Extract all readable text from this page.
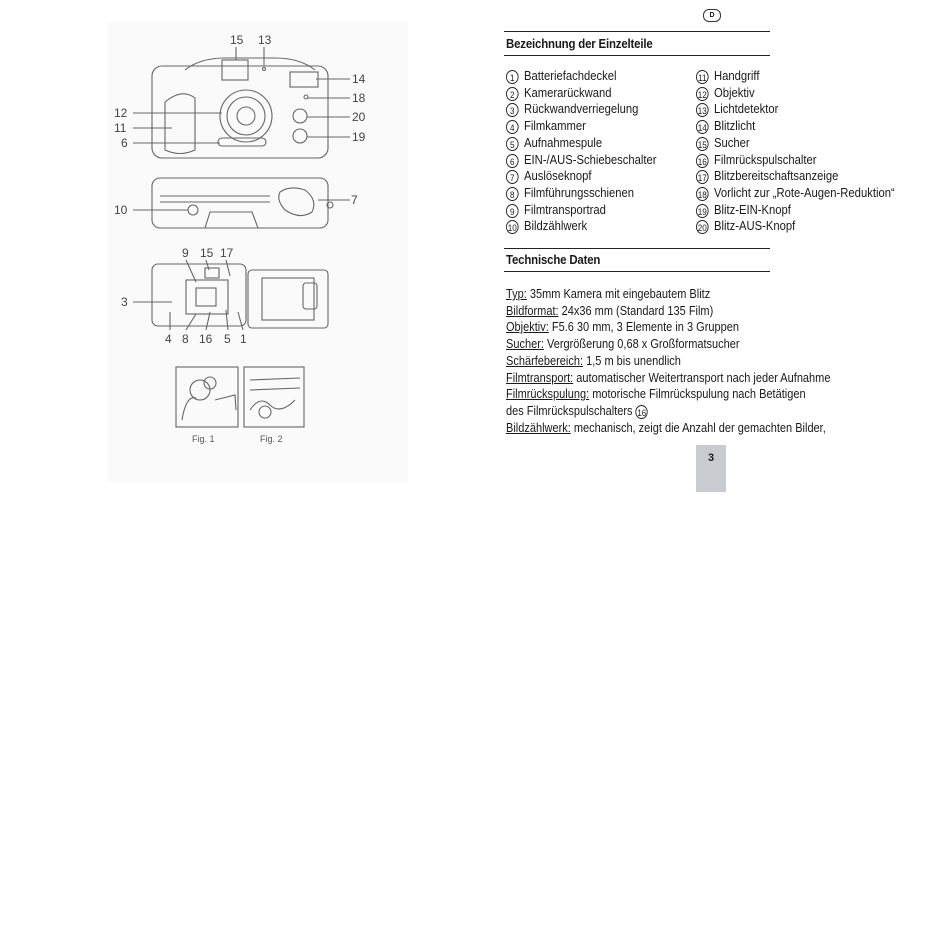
15 13
14
18
12
11
6
20
19
10
7
9 15 17
3
4 8 16 5 1
Fig. 1	Fig. 2
D
Bezeichnung der Einzelteile
1 Batteriefachdeckel
2 Kamerarückwand
3 Rückwandverriegelung
4 Filmkammer
5 Aufnahmespule
6 EIN-/AUS-Schiebeschalter
7 Auslöseknopf
8 Filmführungsschienen
9 Filmtransportrad
10 Bildzählwerk
11 Handgriff
12 Objektiv
13 Lichtdetektor
14 Blitzlicht
15 Sucher
16 Filmrückspulschalter
17 Blitzbereitschaftsanzeige
18 Vorlicht zur „Rote-Augen-Reduktion“
19 Blitz-EIN-Knopf
20 Blitz-AUS-Knopf
Technische Daten
Typ: 35mm Kamera mit eingebautem Blitz
Bildformat: 24x36 mm (Standard 135 Film)
Objektiv: F5.6 30 mm, 3 Elemente in 3 Gruppen
Sucher: Vergrößerung 0,68 x Großformatsucher
Schärfebereich: 1,5 m bis unendlich
Filmtransport: automatischer Weitertransport nach jeder Aufnahme
Filmrückspulung: motorische Filmrückspulung nach Betätigen
des Filmrückspulschalters 16
Bildzählwerk: mechanisch, zeigt die Anzahl der gemachten Bilder,
3
